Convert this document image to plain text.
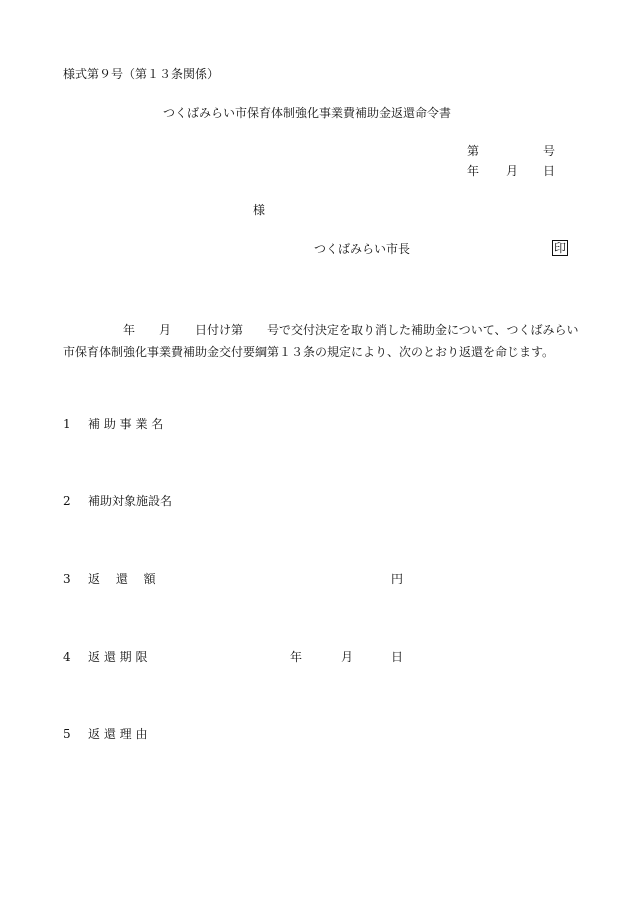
様式第９号（第１３条関係）
つくばみらい市保育体制強化事業費補助金返還命令書
第	号
年 月 日
様
つくばみらい市長	印
　　　　　年　　月　　日付け第　　号で交付決定を取り消した補助金について、つくばみらい市保育体制強化事業費補助金交付要綱第１３条の規定により、次のとおり返還を命じます。
1 補 助 事 業 名
2 補助対象施設名
3 返　 還　 額	円
4 返 還 期 限	年	月	日
5 返 還 理 由
